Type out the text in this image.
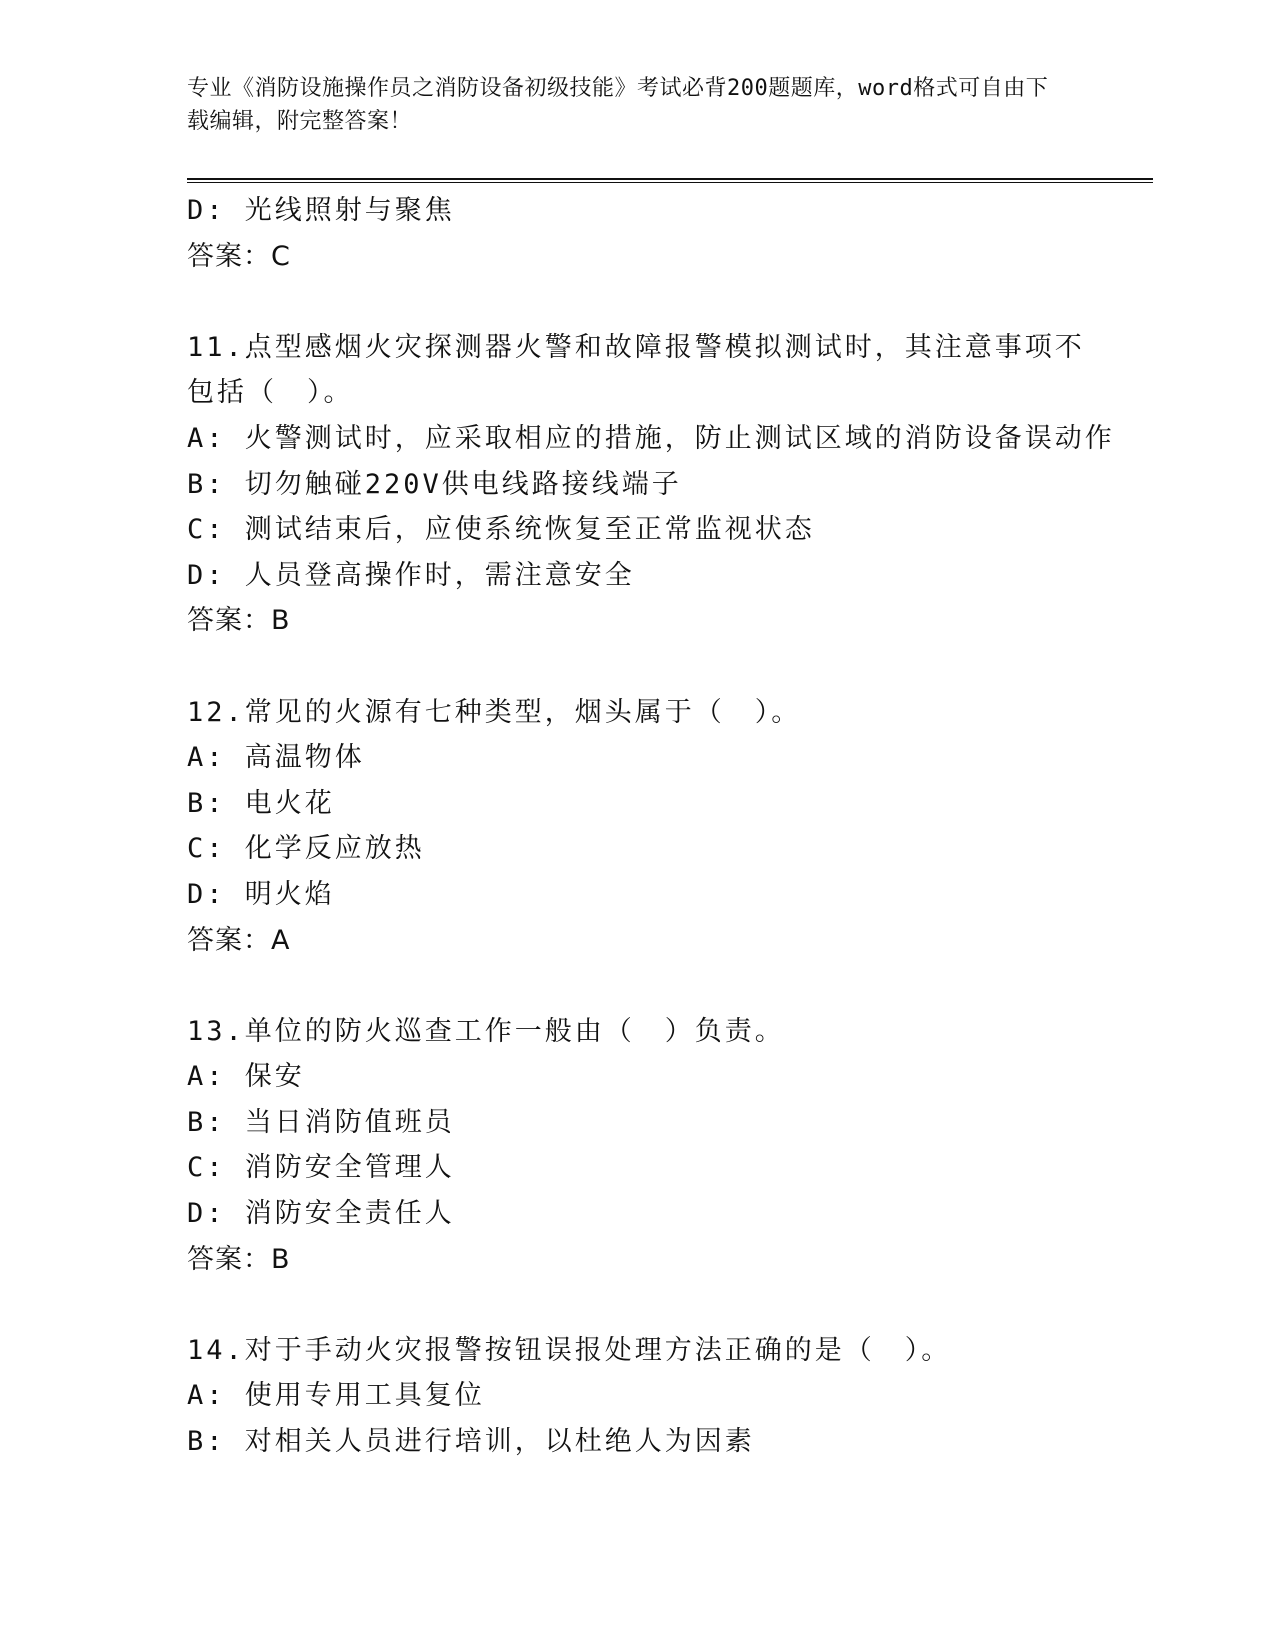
专业《消防设施操作员之消防设备初级技能》考试必背200题题库，word格式可自由下载编辑，附完整答案！
D: 光线照射与聚焦
答案：C
11.点型感烟火灾探测器火警和故障报警模拟测试时，其注意事项不包括（　）。
A: 火警测试时，应采取相应的措施，防止测试区域的消防设备误动作
B: 切勿触碰220V供电线路接线端子
C: 测试结束后，应使系统恢复至正常监视状态
D: 人员登高操作时，需注意安全
答案：B
12.常见的火源有七种类型，烟头属于（　）。
A: 高温物体
B: 电火花
C: 化学反应放热
D: 明火焰
答案：A
13.单位的防火巡查工作一般由（　）负责。
A: 保安
B: 当日消防值班员
C: 消防安全管理人
D: 消防安全责任人
答案：B
14.对于手动火灾报警按钮误报处理方法正确的是（　）。
A: 使用专用工具复位
B: 对相关人员进行培训，以杜绝人为因素
